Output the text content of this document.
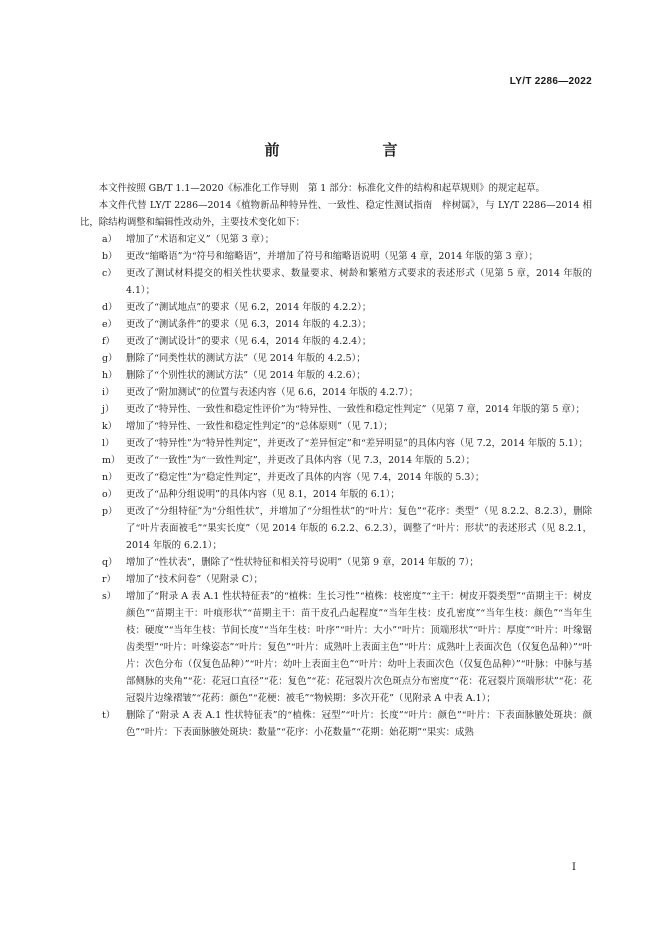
LY/T 2286—2022
前　言

本文件按照 GB/T 1.1—2020《标准化工作导则　第 1 部分：标准化文件的结构和起草规则》的规定起草。

本文件代替 LY/T 2286—2014《植物新品种特异性、一致性、稳定性测试指南　梓树属》，与 LY/T 2286—2014 相比，除结构调整和编辑性改动外，主要技术变化如下：

a） 增加了“术语和定义”（见第 3 章）；
b） 更改“缩略语”为“符号和缩略语”，并增加了符号和缩略语说明（见第 4 章，2014 年版的第 3 章）；
c） 更改了测试材料提交的相关性状要求、数量要求、树龄和繁殖方式要求的表述形式（见第 5 章，2014 年版的 4.1）；
d） 更改了“测试地点”的要求（见 6.2，2014 年版的 4.2.2）；
e） 更改了“测试条件”的要求（见 6.3，2014 年版的 4.2.3）；
f）	更改了“测试设计”的要求（见 6.4，2014 年版的 4.2.4）；
g） 删除了“同类性状的测试方法”（见 2014 年版的 4.2.5）；
h） 删除了“个别性状的测试方法”（见 2014 年版的 4.2.6）；
i）	更改了“附加测试”的位置与表述内容（见 6.6，2014 年版的 4.2.7）；
j）	更改了“特异性、一致性和稳定性评价”为“特异性、一致性和稳定性判定”（见第 7 章，2014 年版的第 5 章）；
k） 增加了“特异性、一致性和稳定性判定”的“总体原则”（见 7.1）；
l）	更改了“特异性”为“特异性判定”，并更改了“差异恒定”和“差异明显”的具体内容（见 7.2，2014 年版的 5.1）；
m） 更改了“一致性”为“一致性判定”，并更改了具体内容（见 7.3，2014 年版的 5.2）；
n） 更改了“稳定性”为“稳定性判定”，并更改了具体的内容（见 7.4，2014 年版的 5.3）；
o） 更改了“品种分组说明”的具体内容（见 8.1，2014 年版的 6.1）；
p） 更改了“分组特征”为“分组性状”，并增加了“分组性状”的“叶片：复色”“花序：类型”（见 8.2.2、8.2.3），删除了“叶片表面被毛”“果实长度”（见 2014 年版的 6.2.2、6.2.3），调整了“叶片：形状”的表述形式（见 8.2.1，2014 年版的 6.2.1）；
q） 增加了“性状表”，删除了“性状特征和相关符号说明”（见第 9 章，2014 年版的 7）；
r）	增加了“技术问卷”（见附录 C）；
s）	增加了“附录 A 表 A.1 性状特征表”的“植株：生长习性”“植株：枝密度”“主干：树皮开裂类型”“苗期主干：树皮颜色”“苗期主干：叶痕形状”“苗期主干：苗干皮孔凸起程度”“当年生枝：皮孔密度”“当年生枝：颜色”“当年生枝：硬度”“当年生枝：节间长度”“当年生枝：叶序”“叶片：大小”“叶片：顶端形状”“叶片：厚度”“叶片：叶缘锯齿类型”“叶片：叶缘姿态”“叶片：复色”“叶片：成熟叶上表面主色”“叶片：成熟叶上表面次色（仅复色品种）”“叶片：次色分布（仅复色品种）”“叶片：幼叶上表面主色”“叶片：幼叶上表面次色（仅复色品种）”“叶脉：中脉与基部侧脉的夹角”“花：花冠口直径”“花：复色”“花：花冠裂片次色斑点分布密度”“花：花冠裂片顶端形状”“花：花冠裂片边缘褶皱”“花药：颜色”“花梗：被毛”“物候期：多次开花”（见附录 A 中表 A.1）；
t）	删除了“附录 A 表 A.1 性状特征表”的“植株：冠型”“叶片：长度”“叶片：颜色”“叶片：下表面脉腋处斑块：颜色”“叶片：下表面脉腋处斑块：数量”“花序：小花数量”“花期：始花期”“果实：成熟
I
